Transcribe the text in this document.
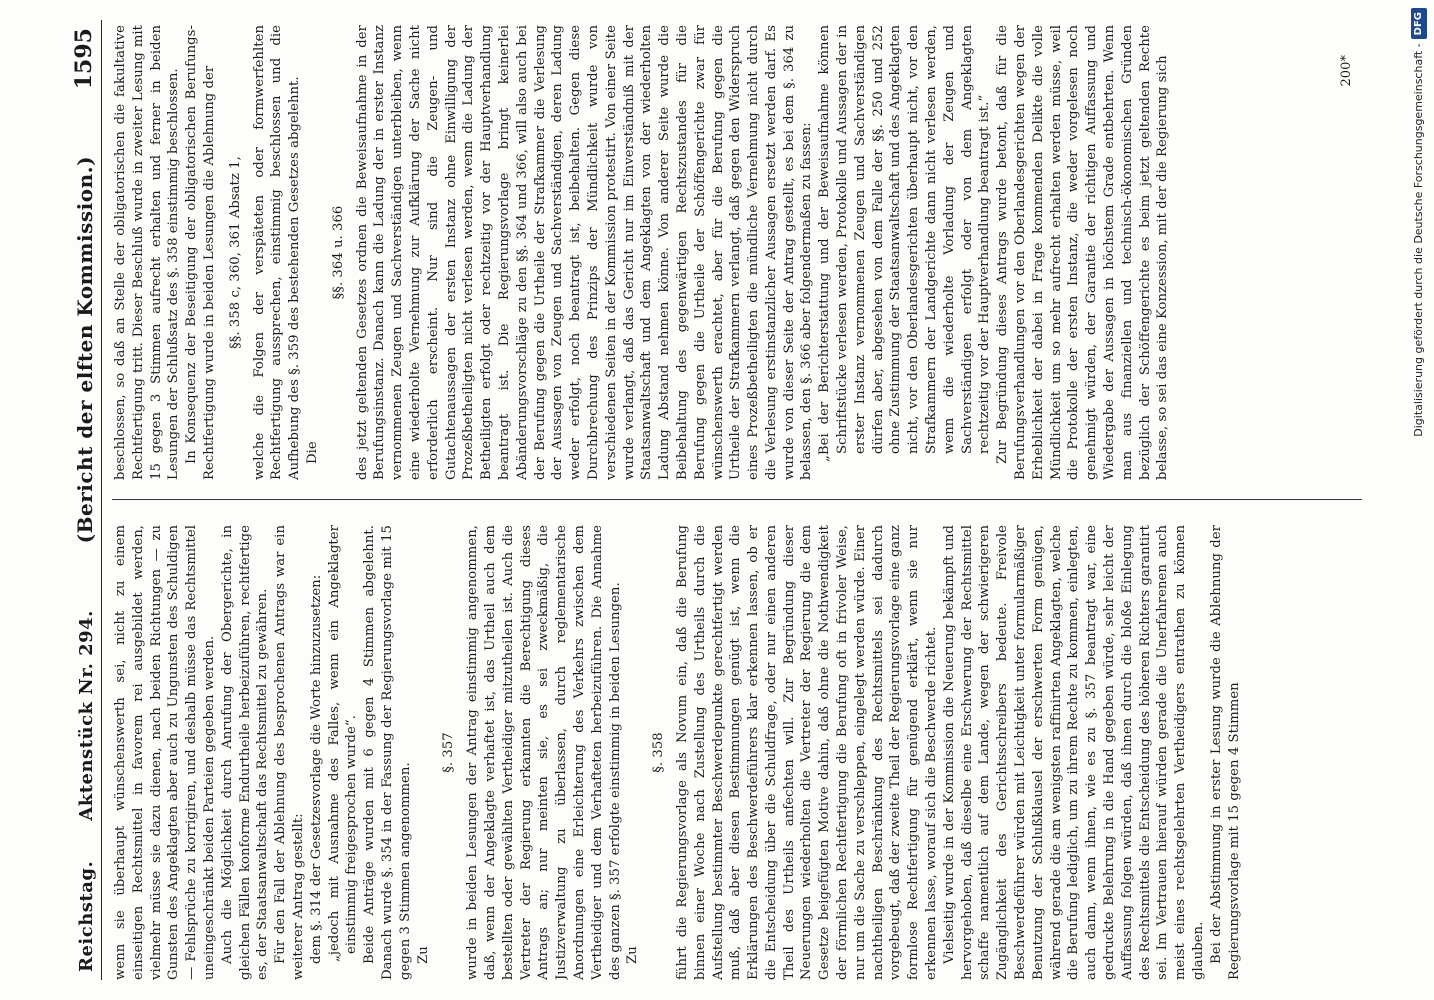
Reichstag.
Aktenstück Nr. 294.
(Bericht der elften Kommission.)
1595

wenn sie überhaupt wünschenswerth sei, nicht zu einem einseitigen Rechtsmittel in favorem rei ausgebildet werden, vielmehr müsse sie dazu dienen, nach beiden Richtungen — zu Gunsten des Angeklagten aber auch zu Ungunsten des Schuldigen — Fehlsprüche zu korrigiren, und deshalb müsse das Rechtsmittel uneingeschränkt beiden Parteien gegeben werden. Auch die Möglichkeit durch Anrufung der Obergerichte, in gleichen Fällen konforme Endurtheile herbeizuführen, rechtfertige es, der Staatsanwaltschaft das Rechtsmittel zu gewähren. Für den Fall der Ablehnung des besprochenen Antrags war ein weiterer Antrag gestellt: dem §. 314 der Gesetzesvorlage die Worte hinzuzusetzen: „jedoch mit Ausnahme des Falles, wenn ein Angeklagter einstimmig freigesprochen wurde“. Beide Anträge wurden mit 6 gegen 4 Stimmen abgelehnt. Danach wurde §. 354 in der Fassung der Regierungsvorlage mit 15 gegen 3 Stimmen angenommen. Zu

§. 357 wurde in beiden Lesungen der Antrag einstimmig angenommen, daß, wenn der Angeklagte verhaftet ist, das Urtheil auch dem bestellten oder gewählten Vertheidiger mitzutheilen ist. Auch die Vertreter der Regierung erkannten die Berechtigung dieses Antrags an; nur meinten sie, es sei zweckmäßig, die Justizverwaltung zu überlassen, durch reglementarische Anordnungen eine Erleichterung des Verkehrs zwischen dem Vertheidiger und dem Verhafteten herbeizuführen. Die Annahme des ganzen §. 357 erfolgte einstimmig in beiden Lesungen. Zu

§. 358 führt die Regierungsvorlage als Novum ein, daß die Berufung binnen einer Woche nach Zustellung des Urtheils durch die Aufstellung bestimmter Beschwerdepunkte gerechtfertigt werden muß, daß aber diesen Bestimmungen genügt ist, wenn die Erklärungen des Beschwerdeführers klar erkennen lassen, ob er die Entscheidung über die Schuldfrage, oder nur einen anderen Theil des Urtheils anfechten will. Zur Begründung dieser Neuerungen wiederholten die Vertreter der Regierung die dem Gesetze beigefügten Motive dahin, daß ohne die Nothwendigkeit der förmlichen Rechtfertigung die Berufung oft in frivoler Weise, nur um die Sache zu verschleppen, eingelegt werden würde. Einer nachtheiligen Beschränkung des Rechtsmittels sei dadurch vorgebeugt, daß der zweite Theil der Regierungsvorlage eine ganz formlose Rechtfertigung für genügend erklärt, wenn sie nur erkennen lasse, worauf sich die Beschwerde richtet. Vielseitig wurde in der Kommission die Neuerung bekämpft und hervorgehoben, daß dieselbe eine Erschwerung der Rechtsmittel schaffe namentlich auf dem Lande, wegen der schwierigeren Zugänglichkeit des Gerichtsschreibers bedeute. Freivole Beschwerdeführer würden mit Leichtigkeit unter formularmäßiger Benutzung der Schlußklausel der erschwerten Form genügen, während gerade die am wenigsten raffinirten Angeklagten, welche die Berufung lediglich, um zu ihrem Rechte zu kommen, einlegten, auch dann, wenn ihnen, wie es zu §. 357 beantragt war, eine gedruckte Belehrung in die Hand gegeben würde, sehr leicht der Auffassung folgen würden, daß ihnen durch die bloße Einlegung des Rechtsmittels die Entscheidung des höheren Richters garantirt sei. Im Vertrauen hierauf würden gerade die Unerfahrenen auch meist eines rechtsgelehrten Vertheidigers entrathen zu können glauben. Bei der Abstimmung in erster Lesung wurde die Ablehnung der Regierungsvorlage mit 15 gegen 4 Stimmen

beschlossen, so daß an Stelle der obligatorischen die fakultative Rechtfertigung tritt. Dieser Beschluß wurde in zweiter Lesung mit 15 gegen 3 Stimmen aufrecht erhalten und ferner in beiden Lesungen der Schlußsatz des §. 358 einstimmig beschlossen. In Konsequenz der Beseitigung der obligatorischen Berufungs-Rechtfertigung wurde in beiden Lesungen die Ablehnung der §§. 358 c, 360, 361 Absatz 1, welche die Folgen der verspäteten oder formwerfehlten Rechtfertigung aussprechen, einstimmig beschlossen und die Aufhebung des §. 359 des bestehenden Gesetzes abgelehnt. Die

§§. 364 u. 366 des jetzt geltenden Gesetzes ordnen die Beweisaufnahme in der Berufungsinstanz. Danach kann die Ladung der in erster Instanz vernommenen Zeugen und Sachverständigen unterbleiben, wenn eine wiederholte Vernehmung zur Aufklärung der Sache nicht erforderlich erscheint. Nur sind die Zeugen- und Gutachtenaussagen der ersten Instanz ohne Einwilligung der Prozeßbetheiligten nicht verlesen werden, wenn die Ladung der Betheiligten erfolgt oder rechtzeitig vor der Hauptverhandlung beantragt ist. Die Regierungsvorlage bringt keinerlei Abänderungsvorschläge zu den §§. 364 und 366, will also auch bei der Berufung gegen die Urtheile der Strafkammer die Verlesung der Aussagen von Zeugen und Sachverständigen, deren Ladung weder erfolgt, noch beantragt ist, beibehalten. Gegen diese Durchbrechung des Prinzips der Mündlichkeit wurde von verschiedenen Seiten in der Kommission protestirt. Von einer Seite wurde verlangt, daß das Gericht nur im Einverständniß mit der Staatsanwaltschaft und dem Angeklagten von der wiederholten Ladung Abstand nehmen könne. Von anderer Seite wurde die Beibehaltung des gegenwärtigen Rechtszustandes für die Berufung gegen die Urtheile der Schöffengerichte zwar für wünschenswerth erachtet, aber für die Berufung gegen die Urtheile der Strafkammern verlangt, daß gegen den Widerspruch eines Prozeßbetheiligten die mündliche Vernehmung nicht durch die Verlesung erstinstanzlicher Aussagen ersetzt werden darf. Es wurde von dieser Seite der Antrag gestellt, es bei dem §. 364 zu belassen, den §. 366 aber folgendermaßen zu fassen: „Bei der Berichterstattung und der Beweisaufnahme können Schriftstücke verlesen werden, Protokolle und Aussagen der in erster Instanz vernommenen Zeugen und Sachverständigen dürfen aber, abgesehen von dem Falle der §§. 250 und 252 ohne Zustimmung der Staatsanwaltschaft und des Angeklagten nicht, vor den Oberlandesgerichten überhaupt nicht, vor den Strafkammern der Landgerichte dann nicht verlesen werden, wenn die wiederholte Vorladung der Zeugen und Sachverständigen erfolgt oder von dem Angeklagten rechtzeitig vor der Hauptverhandlung beantragt ist.“ Zur Begründung dieses Antrags wurde betont, daß für die Berufungsverhandlungen vor den Oberlandesgerichten wegen der Erheblichkeit der dabei in Frage kommenden Delikte die volle Mündlichkeit um so mehr aufrecht erhalten werden müsse, weil die Protokolle der ersten Instanz, die weder vorgelesen noch genehmigt würden, der Garantie der richtigen Auffassung und Wiedergabe der Aussagen in höchstem Grade entbehrten. Wenn man aus finanziellen und technisch-ökonomischen Gründen bezüglich der Schöffengerichte es beim jetzt geltenden Rechte belasse, so sei das eine Konzession, mit der die Regierung sich	200*	Digitalisierung gefördert durch die Deutsche Forschungsgemeinschaft -
DFG
